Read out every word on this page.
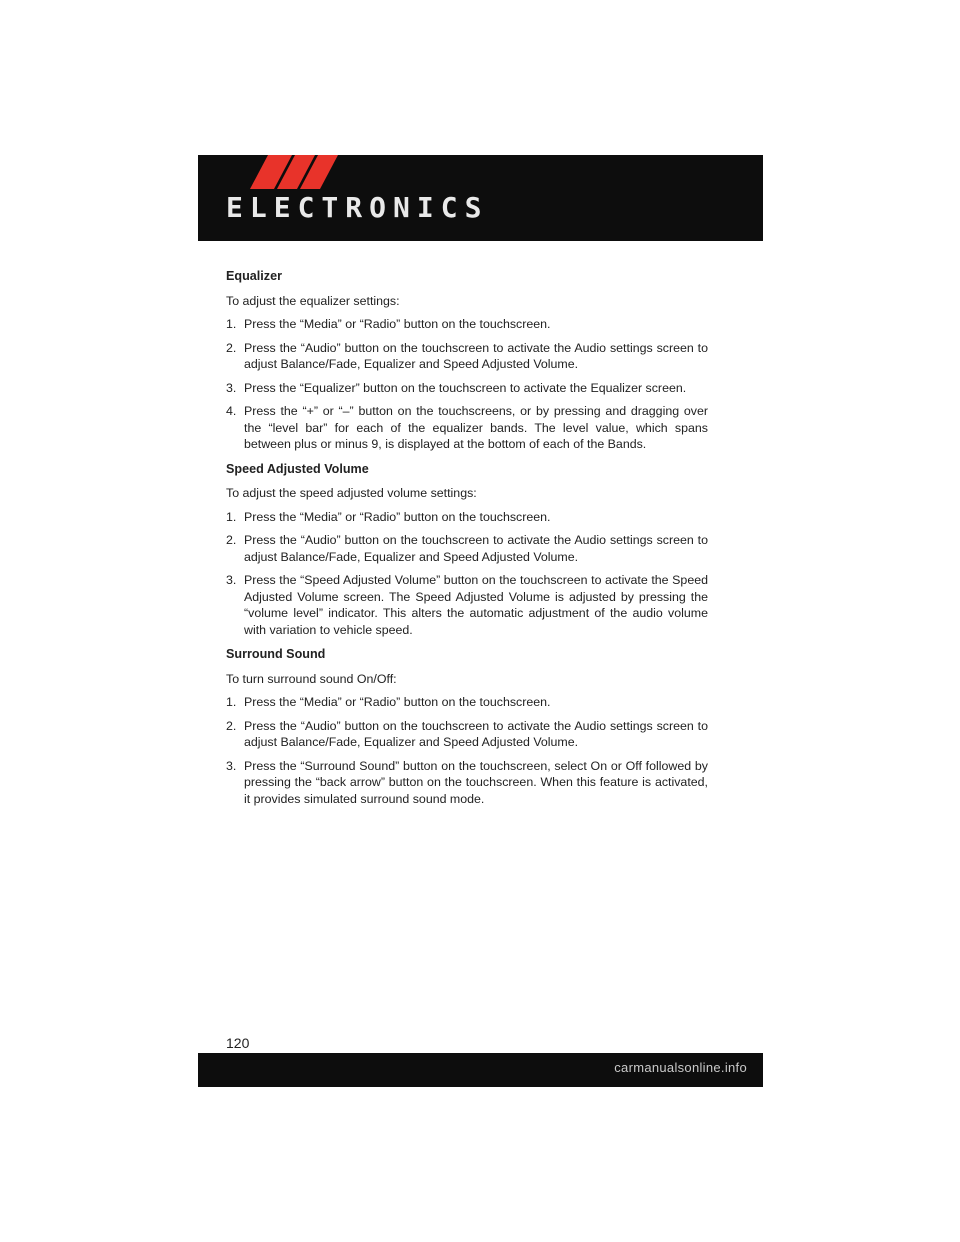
ELECTRONICS
Equalizer
To adjust the equalizer settings:
1. Press the “Media” or “Radio” button on the touchscreen.
2. Press the “Audio” button on the touchscreen to activate the Audio settings screen to adjust Balance/Fade, Equalizer and Speed Adjusted Volume.
3. Press the “Equalizer” button on the touchscreen to activate the Equalizer screen.
4. Press the “+” or “–” button on the touchscreens, or by pressing and dragging over the “level bar” for each of the equalizer bands. The level value, which spans between plus or minus 9, is displayed at the bottom of each of the Bands.
Speed Adjusted Volume
To adjust the speed adjusted volume settings:
1. Press the “Media” or “Radio” button on the touchscreen.
2. Press the “Audio” button on the touchscreen to activate the Audio settings screen to adjust Balance/Fade, Equalizer and Speed Adjusted Volume.
3. Press the “Speed Adjusted Volume” button on the touchscreen to activate the Speed Adjusted Volume screen. The Speed Adjusted Volume is adjusted by pressing the “volume level” indicator. This alters the automatic adjustment of the audio volume with variation to vehicle speed.
Surround Sound
To turn surround sound On/Off:
1. Press the “Media” or “Radio” button on the touchscreen.
2. Press the “Audio” button on the touchscreen to activate the Audio settings screen to adjust Balance/Fade, Equalizer and Speed Adjusted Volume.
3. Press the “Surround Sound” button on the touchscreen, select On or Off followed by pressing the “back arrow” button on the touchscreen. When this feature is activated, it provides simulated surround sound mode.
120
carmanualsonline.info
